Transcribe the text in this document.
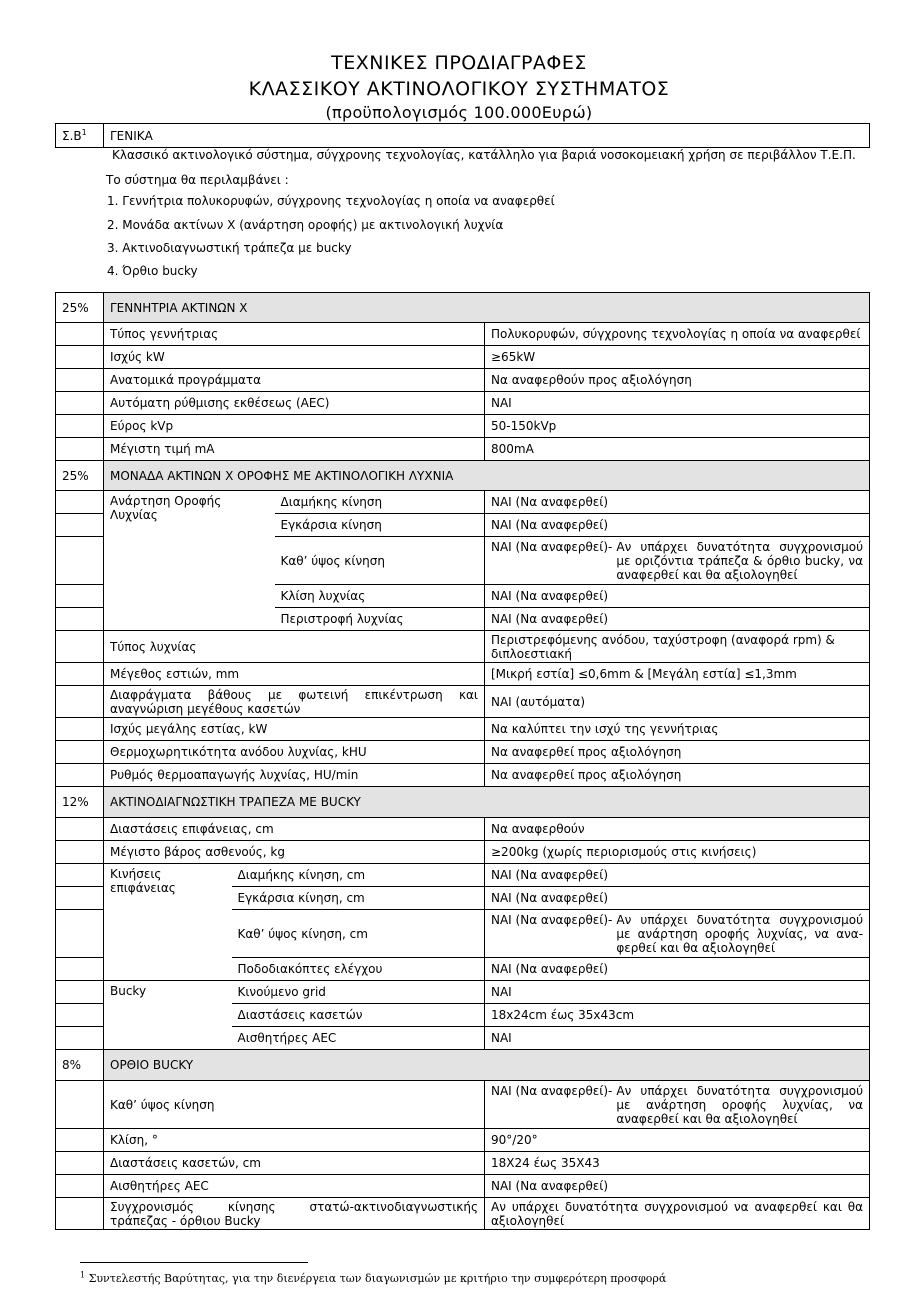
ΤΕΧΝΙΚΕΣ ΠΡΟΔΙΑΓΡΑΦΕΣ
ΚΛΑΣΣΙΚΟΥ ΑΚΤΙΝΟΛΟΓΙΚΟΥ ΣΥΣΤΗΜΑΤΟΣ
(προϋπολογισμός 100.000Ευρώ)
$\Sigma.B^1$	ΓΕΝΙΚΑ
Κλασσικό ακτινολογικό σύστημα, σύγχρονης τεχνολογίας, κατάλληλο για βαριά νοσοκομειακή χρήση σε περιβάλλον Τ.Ε.Π.
Το σύστημα θα περιλαμβάνει :
1. Γεννήτρια πολυκορυφών, σύγχρονης τεχνολογίας η οποία να αναφερθεί
2. Μονάδα ακτίνων Χ (ανάρτηση οροφής) με ακτινολογική λυχνία
3. Ακτινοδιαγνωστική τράπεζα με bucky
4. Όρθιο bucky
25%	ΓΕΝΝΗΤΡΙΑ ΑΚΤΙΝΩΝ Χ			
	Τύπος γεννήτριας			Πολυκορυφών, σύγχρονης τεχνολογίας η οποία να αναφερθεί
	Ισχύς kW			≥65kW
	Ανατομικά προγράμματα			Να αναφερθούν προς αξιολόγηση
	Αυτόματη ρύθμισης εκθέσεως (AEC)			ΝΑΙ
	Εύρος kVp			50-150kVp
	Μέγιστη τιμή mA			800mA
25%	ΜΟΝΑΔΑ ΑΚΤΙΝΩΝ Χ ΟΡΟΦΗΣ ΜΕ ΑΚΤΙΝΟΛΟΓΙΚΗ ΛΥΧΝΙΑ			
	Ανάρτηση Οροφής Λυχνίας		Διαμήκης κίνηση	ΝΑΙ (Να αναφερθεί)
			Εγκάρσια κίνηση	ΝΑΙ (Να αναφερθεί)
			Καθ’ ύψος κίνηση	ΝΑΙ (Να αναφερθεί)- Αν υπάρχει δυνατότητα συγχρονισμού με οριζόντια τράπεζα & όρθιο bucky, να αναφερθεί και θα αξιολογηθεί

			Κλίση λυχνίας	ΝΑΙ (Να αναφερθεί)
			Περιστροφή λυχνίας	ΝΑΙ (Να αναφερθεί)
	Τύπος λυχνίας			Περιστρεφόμενης ανόδου, ταχύστροφη (αναφορά rpm) & διπλοεστιακή
	Μέγεθος εστιών, mm			[Μικρή εστία] ≤0,6mm & [Μεγάλη εστία] ≤1,3mm
	Διαφράγματα βάθους με φωτεινή επικέντρωση και αναγνώριση μεγέθους κασετών			ΝΑΙ (αυτόματα)
	Ισχύς μεγάλης εστίας, kW			Να καλύπτει την ισχύ της γεννήτριας
	Θερμοχωρητικότητα ανόδου λυχνίας, kHU			Να αναφερθεί προς αξιολόγηση
	Ρυθμός θερμοαπαγωγής λυχνίας, HU/min			Να αναφερθεί προς αξιολόγηση
12%	ΑΚΤΙΝΟΔΙΑΓΝΩΣΤΙΚΗ ΤΡΑΠΕΖΑ ΜΕ BUCKY			
	Διαστάσεις επιφάνειας, cm			Να αναφερθούν
	Μέγιστο βάρος ασθενούς, kg			≥200kg (χωρίς περιορισμούς στις κινήσεις)
	Κινήσεις επιφάνειας	Διαμήκης κίνηση, cm		ΝΑΙ (Να αναφερθεί)
		Εγκάρσια κίνηση, cm		ΝΑΙ (Να αναφερθεί)
		Καθ’ ύψος κίνηση, cm		ΝΑΙ (Να αναφερθεί)- Αν υπάρχει δυνατότητα συγχρονισμού με ανάρτηση οροφής λυχνίας, να ανα-φερθεί και θα αξιολογηθεί

		Ποδοδιακόπτες ελέγχου		ΝΑΙ (Να αναφερθεί)
	Bucky	Κινούμενο grid		ΝΑΙ
		Διαστάσεις κασετών		18x24cm έως 35x43cm
		Αισθητήρες AEC		ΝΑΙ
8%	ΟΡΘΙΟ BUCKY			
	Καθ’ ύψος κίνηση			ΝΑΙ (Να αναφερθεί)- Αν υπάρχει δυνατότητα συγχρονισμού με ανάρτηση οροφής λυχνίας, να αναφερθεί και θα αξιολογηθεί

	Κλίση, °			90°/20°
	Διαστάσεις κασετών, cm			18X24 έως 35X43
	Αισθητήρες AEC			ΝΑΙ (Να αναφερθεί)
	Συγχρονισμός κίνησης στατώ-ακτινοδιαγνωστικής τράπεζας - όρθιου Bucky			Αν υπάρχει δυνατότητα συγχρονισμού να αναφερθεί και θα αξιολογηθεί
$^1$ Συντελεστής Βαρύτητας, για την διενέργεια των διαγωνισμών με κριτήριο την συμφερότερη προσφορά
